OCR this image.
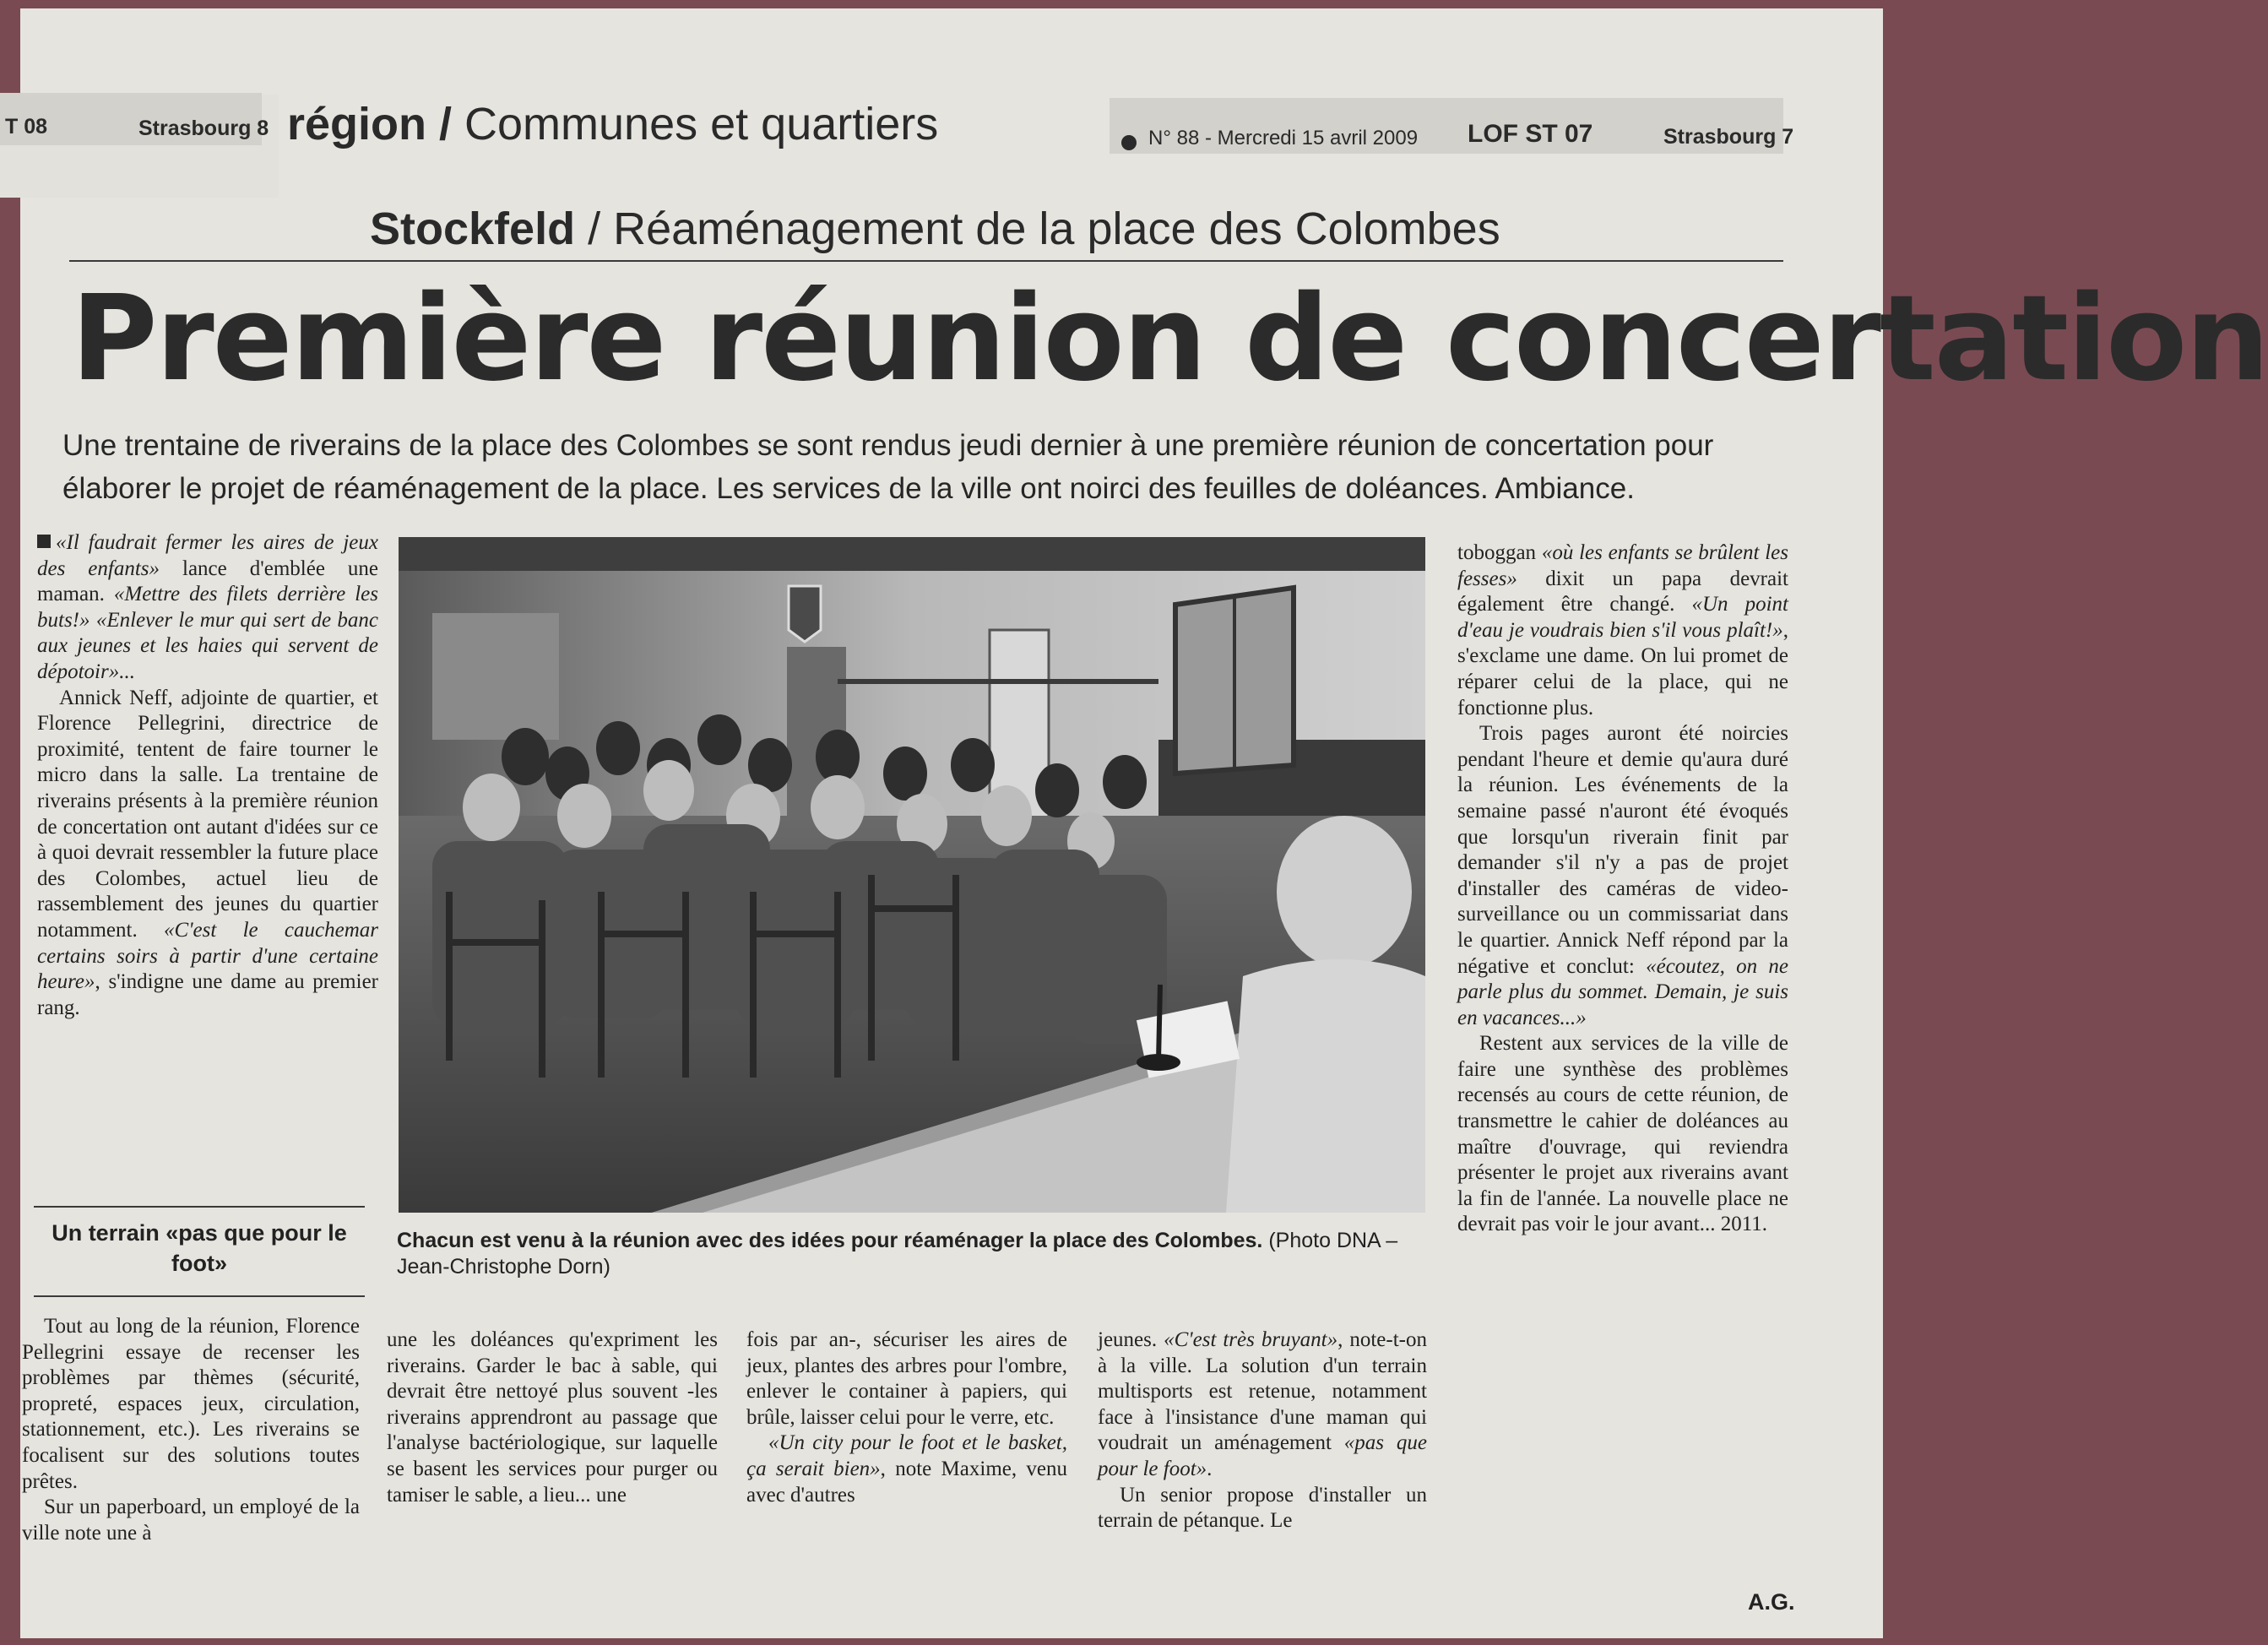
T 08	Strasbourg 8 région / Communes et quartiers	N° 88 - Mercredi 15 avril 2009 LOF ST 07	Strasbourg 7
Stockfeld / Réaménagement de la place des Colombes
Première réunion de concertation
Une trentaine de riverains de la place des Colombes se sont rendus jeudi dernier à une première réunion de concertation pour élaborer le projet de réaménagement de la place. Les services de la ville ont noirci des feuilles de doléances. Ambiance.

«Il faudrait fermer les aires de jeux des enfants» lance d'emblée une maman. «Mettre des filets derrière les buts!» «Enlever le mur qui sert de banc aux jeunes et les haies qui servent de dépotoir»...

Annick Neff, adjointe de quartier, et Florence Pellegrini, directrice de proximité, tentent de faire tourner le micro dans la salle. La trentaine de riverains présents à la première réunion de concertation ont autant d'idées sur ce à quoi devrait ressembler la future place des Colombes, actuel lieu de rassemblement des jeunes du quartier notamment. «C'est le cauchemar certains soirs à partir d'une certaine heure», s'indigne une dame au premier rang.

Un terrain «pas que pour le foot»

Tout au long de la réunion, Florence Pellegrini essaye de recenser les problèmes par thèmes (sécurité, propreté, espaces jeux, circulation, stationnement, etc.). Les riverains se focalisent sur des solutions toutes prêtes.

Sur un paperboard, un employé de la ville note une à

Chacun est venu à la réunion avec des idées pour réaménager la place des Colombes. (Photo DNA – Jean-Christophe Dorn)

une les doléances qu'expriment les riverains. Garder le bac à sable, qui devrait être nettoyé plus souvent -les riverains apprendront au passage que l'analyse bactériologique, sur laquelle se basent les services pour purger ou tamiser le sable, a lieu... une

fois par an-, sécuriser les aires de jeux, plantes des arbres pour l'ombre, enlever le container à papiers, qui brûle, laisser celui pour le verre, etc.

«Un city pour le foot et le basket, ça serait bien», note Maxime, venu avec d'autres

jeunes. «C'est très bruyant», note-t-on à la ville. La solution d'un terrain multisports est retenue, notamment face à l'insistance d'une maman qui voudrait un aménagement «pas que pour le foot».

Un senior propose d'installer un terrain de pétanque. Le

toboggan «où les enfants se brûlent les fesses» dixit un papa devrait également être changé. «Un point d'eau je voudrais bien s'il vous plaît!», s'exclame une dame. On lui promet de réparer celui de la place, qui ne fonctionne plus.

Trois pages auront été noircies pendant l'heure et demie qu'aura duré la réunion. Les événements de la semaine passé n'auront été évoqués que lorsqu'un riverain finit par demander s'il n'y a pas de projet d'installer des caméras de video-surveillance ou un commissariat dans le quartier. Annick Neff répond par la négative et conclut: «écoutez, on ne parle plus du sommet. Demain, je suis en vacances...»

Restent aux services de la ville de faire une synthèse des problèmes recensés au cours de cette réunion, de transmettre le cahier de doléances au maître d'ouvrage, qui reviendra présenter le projet aux riverains avant la fin de l'année. La nouvelle place ne devrait pas voir le jour avant... 2011.

A.G.
